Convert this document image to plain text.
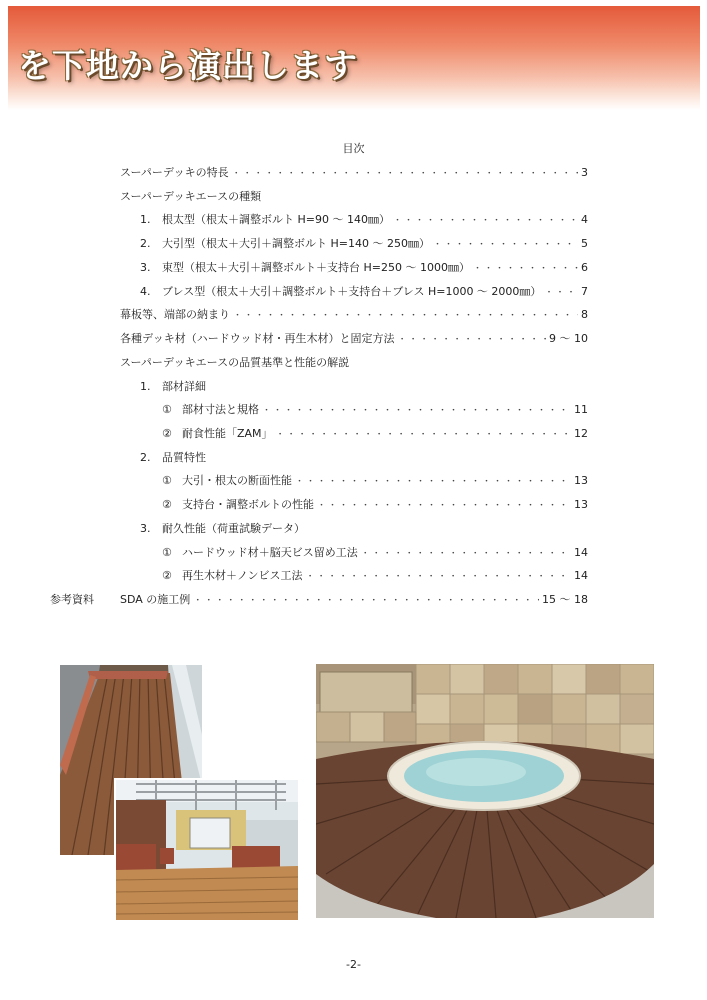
を下地から演出します
目次
スーパーデッキの特長 ・・・・・・・・・・・・・・・・・・・・・・・・・・・・・・・・・・・・・・・・・・・・・・・・・・・・・・・・・・・・・・・・・・・・・・・・・・・・・・・・・・・・・・・・・・・・・	3
スーパーデッキエースの種類
1.	根太型（根太＋調整ボルト H=90 ～ 140㎜） ・・・・・・・・・・・・・・・・・・・・・・・・・・・・・・・・・・・・・・・・・・・・・・・・・・・・・・・・・・・・・・・・・・・・・・・・・・・・・・・・・・・・・・・・・・・・・	4
2.	大引型（根太＋大引＋調整ボルト H=140 ～ 250㎜） ・・・・・・・・・・・・・・・・・・・・・・・・・・・・・・・・・・・・・・・・・・・・・・・・・・・・・・・・・・・・・・・・・・・・・・・・・・・・・・・・・・・・・・・・・・・・・	5
3.	束型（根太＋大引＋調整ボルト＋支持台 H=250 ～ 1000㎜） ・・・・・・・・・・・・・・・・・・・・・・・・・・・・・・・・・・・・・・・・・・・・・・・・・・・・・・・・・・・・・・・・・・・・・・・・・・・・・・・・・・・・・・・・・・・・・	6
4.	ブレス型（根太＋大引＋調整ボルト＋支持台＋ブレス H=1000 ～ 2000㎜） ・・・・・・・・・・・・・・・・・・・・・・・・・・・・・・・・・・・・・・・・・・・・・・・・・・・・・・・・・・・・・・・・・・・・・・・・・・・・・・・・・・・・・・・・・・・・・	7
幕板等、端部の納まり ・・・・・・・・・・・・・・・・・・・・・・・・・・・・・・・・・・・・・・・・・・・・・・・・・・・・・・・・・・・・・・・・・・・・・・・・・・・・・・・・・・・・・・・・・・・・・	8
各種デッキ材（ハードウッド材・再生木材）と固定方法 ・・・・・・・・・・・・・・・・・・・・・・・・・・・・・・・・・・・・・・・・・・・・・・・・・・・・・・・・・・・・・・・・・・・・・・・・・・・・・・・・・・・・・・・・・・・・・	9 ～ 10
スーパーデッキエースの品質基準と性能の解説
1.	部材詳細
① 部材寸法と規格 ・・・・・・・・・・・・・・・・・・・・・・・・・・・・・・・・・・・・・・・・・・・・・・・・・・・・・・・・・・・・・・・・・・・・・・・・・・・・・・・・・・・・・・・・・・・・・	11
② 耐食性能「ZAM」 ・・・・・・・・・・・・・・・・・・・・・・・・・・・・・・・・・・・・・・・・・・・・・・・・・・・・・・・・・・・・・・・・・・・・・・・・・・・・・・・・・・・・・・・・・・・・・	12
2.	品質特性
① 大引・根太の断面性能 ・・・・・・・・・・・・・・・・・・・・・・・・・・・・・・・・・・・・・・・・・・・・・・・・・・・・・・・・・・・・・・・・・・・・・・・・・・・・・・・・・・・・・・・・・・・・・	13
② 支持台・調整ボルトの性能 ・・・・・・・・・・・・・・・・・・・・・・・・・・・・・・・・・・・・・・・・・・・・・・・・・・・・・・・・・・・・・・・・・・・・・・・・・・・・・・・・・・・・・・・・・・・・・	13
3.	耐久性能（荷重試験データ）
① ハードウッド材＋脳天ビス留め工法 ・・・・・・・・・・・・・・・・・・・・・・・・・・・・・・・・・・・・・・・・・・・・・・・・・・・・・・・・・・・・・・・・・・・・・・・・・・・・・・・・・・・・・・・・・・・・・	14
② 再生木材＋ノンビス工法 ・・・・・・・・・・・・・・・・・・・・・・・・・・・・・・・・・・・・・・・・・・・・・・・・・・・・・・・・・・・・・・・・・・・・・・・・・・・・・・・・・・・・・・・・・・・・・	14
参考資料	SDA の施工例 ・・・・・・・・・・・・・・・・・・・・・・・・・・・・・・・・・・・・・・・・・・・・・・・・・・・・・・・・・・・・・・・・・・・・・・・・・・・・・・・・・・・・・・・・・・・・・	15 ～ 18
-2-
